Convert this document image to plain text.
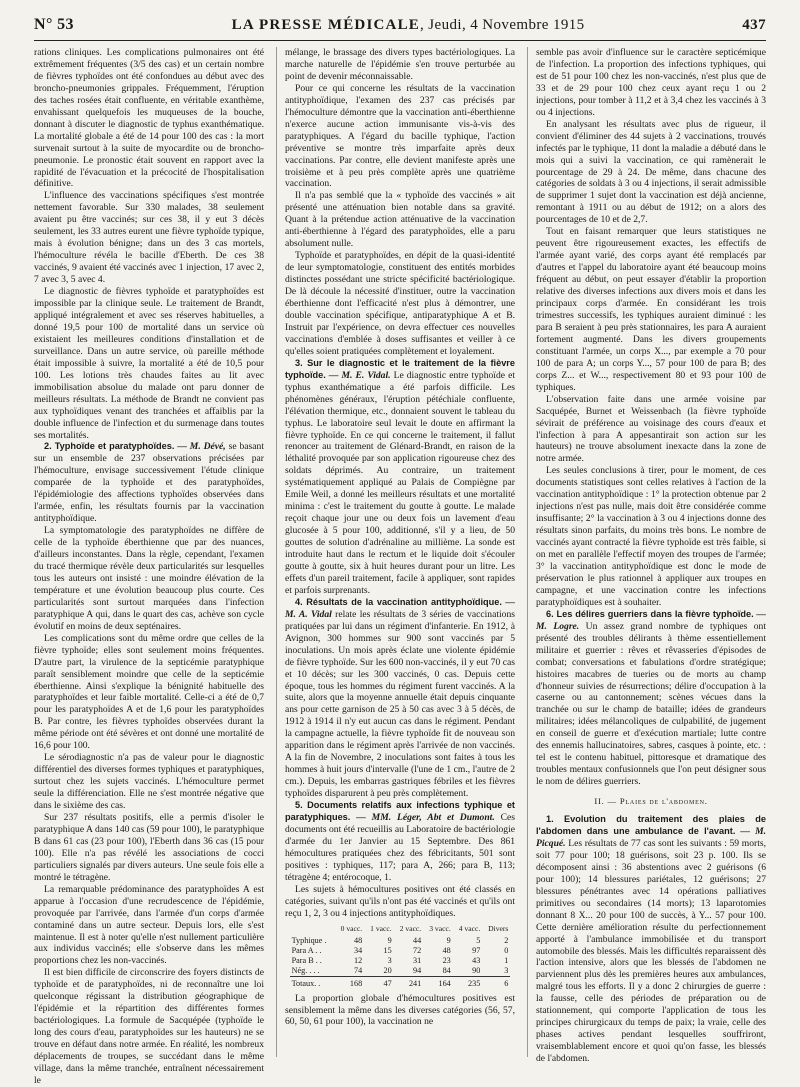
N° 53	LA PRESSE MÉDICALE, Jeudi, 4 Novembre 1915	437

rations cliniques. Les complications pulmonaires ont été extrêmement fréquentes (3/5 des cas) et un certain nombre de fièvres typhoïdes ont été confondues au début avec des broncho-pneumonies grippales. Fréquemment, l'éruption des taches rosées était confluente, en véritable exanthème, envahissant quelquefois les muqueuses de la bouche, donnant à discuter le diagnostic de typhus exanthématique. La mortalité globale a été de 14 pour 100 des cas : la mort survenait surtout à la suite de myocardite ou de broncho-pneumonie. Le pronostic était souvent en rapport avec la rapidité de l'évacuation et la précocité de l'hospitalisation définitive.

L'influence des vaccinations spécifiques s'est montrée nettement favorable. Sur 330 malades, 38 seulement avaient pu être vaccinés; sur ces 38, il y eut 3 décès seulement, les 33 autres eurent une fièvre typhoïde typique, mais à évolution bénigne; dans un des 3 cas mortels, l'hémoculture révéla le bacille d'Eberth. De ces 38 vaccinés, 9 avaient été vaccinés avec 1 injection, 17 avec 2, 7 avec 3, 5 avec 4.

Le diagnostic de fièvres typhoïde et paratyphoïdes est impossible par la clinique seule. Le traitement de Brandt, appliqué intégralement et avec ses réserves habituelles, a donné 19,5 pour 100 de mortalité dans un service où existaient les meilleures conditions d'installation et de surveillance. Dans un autre service, où pareille méthode était impossible à suivre, la mortalité a été de 10,5 pour 100. Les lotions très chaudes faites au lit avec immobilisation absolue du malade ont paru donner de meilleurs résultats. La méthode de Brandt ne convient pas aux typhoïdiques venant des tranchées et affaiblis par la double influence de l'infection et du surmenage dans toutes ses mortalités.

2. Typhoïde et paratyphoïdes. — M. Dévé, se basant sur un ensemble de 237 observations précisées par l'hémoculture, envisage successivement l'étude clinique comparée de la typhoïde et des paratyphoïdes, l'épidémiologie des affections typhoïdes observées dans l'armée, enfin, les résultats fournis par la vaccination antityphoïdique.

La symptomatologie des paratyphoïdes ne diffère de celle de la typhoïde éberthienne que par des nuances, d'ailleurs inconstantes. Dans la règle, cependant, l'examen du tracé thermique révèle deux particularités sur lesquelles tous les auteurs ont insisté : une moindre élévation de la température et une évolution beaucoup plus courte. Ces particularités sont surtout marquées dans l'infection paratyphique A qui, dans le quart des cas, achève son cycle évolutif en moins de deux septénaires.

Les complications sont du même ordre que celles de la fièvre typhoïde; elles sont seulement moins fréquentes. D'autre part, la virulence de la septicémie paratyphique paraît sensiblement moindre que celle de la septicémie éberthienne. Ainsi s'explique la bénignité habituelle des paratyphoïdes et leur faible mortalité. Celle-ci a été de 0,7 pour les paratyphoïdes A et de 1,6 pour les paratyphoïdes B. Par contre, les fièvres typhoïdes observées durant la même période ont été sévères et ont donné une mortalité de 16,6 pour 100.

Le sérodiagnostic n'a pas de valeur pour le diagnostic différentiel des diverses formes typhiques et paratyphiques, surtout chez les sujets vaccinés. L'hémoculture permet seule la différenciation. Elle ne s'est montrée négative que dans le sixième des cas.

Sur 237 résultats positifs, elle a permis d'isoler le paratyphique A dans 140 cas (59 pour 100), le paratyphique B dans 61 cas (23 pour 100), l'Eberth dans 36 cas (15 pour 100). Elle n'a pas révélé les associations de cocci particuliers signalés par divers auteurs. Une seule fois elle a montré le tétragène.

La remarquable prédominance des paratyphoïdes A est apparue à l'occasion d'une recrudescence de l'épidémie, provoquée par l'arrivée, dans l'armée d'un corps d'armée contaminé dans un autre secteur. Depuis lors, elle s'est maintenue. Il est à noter qu'elle n'est nullement particulière aux individus vaccinés; elle s'observe dans les mêmes proportions chez les non-vaccinés.

Il est bien difficile de circonscrire des foyers distincts de typhoïde et de paratyphoïdes, ni de reconnaître une loi quelconque régissant la distribution géographique de l'épidémie et la répartition des différentes formes bactériologiques. La formule de Sacquépée (typhoïde le long des cours d'eau, paratyphoïdes sur les hauteurs) ne se trouve en défaut dans notre armée. En réalité, les nombreux déplacements de troupes, se succédant dans le même village, dans la même tranchée, entraînent nécessairement le

mélange, le brassage des divers types bactériologiques. La marche naturelle de l'épidémie s'en trouve perturbée au point de devenir méconnaissable.

Pour ce qui concerne les résultats de la vaccination antityphoïdique, l'examen des 237 cas précisés par l'hémoculture démontre que la vaccination anti-éberthienne n'exerce aucune action immunisante vis-à-vis des paratyphiques. A l'égard du bacille typhique, l'action préventive se montre très imparfaite après deux vaccinations. Par contre, elle devient manifeste après une troisième et à peu près complète après une quatrième vaccination.

Il n'a pas semblé que la « typhoïde des vaccinés » ait présenté une atténuation bien notable dans sa gravité. Quant à la prétendue action atténuative de la vaccination anti-éberthienne à l'égard des paratyphoïdes, elle a paru absolument nulle.

Typhoïde et paratyphoïdes, en dépit de la quasi-identité de leur symptomatologie, constituent des entités morbides distinctes possédant une stricte spécificité bactériologique. De là découle la nécessité d'instituer, outre la vaccination éberthienne dont l'efficacité n'est plus à démontrer, une double vaccination spécifique, antiparatyphique A et B. Instruit par l'expérience, on devra effectuer ces nouvelles vaccinations d'emblée à doses suffisantes et veiller à ce qu'elles soient pratiquées complètement et loyalement.

3. Sur le diagnostic et le traitement de la fièvre typhoïde. — M. E. Vidal. Le diagnostic entre typhoïde et typhus exanthématique a été parfois difficile. Les phénomènes généraux, l'éruption pétéchiale confluente, l'élévation thermique, etc., donnaient souvent le tableau du typhus. Le laboratoire seul levait le doute en affirmant la fièvre typhoïde. En ce qui concerne le traitement, il fallut renoncer au traitement de Glénard-Brandt, en raison de la léthalité provoquée par son application rigoureuse chez des soldats déprimés. Au contraire, un traitement systématiquement appliqué au Palais de Compiègne par Emile Weil, a donné les meilleurs résultats et une mortalité minima : c'est le traitement du goutte à goutte. Le malade reçoit chaque jour une ou deux fois un lavement d'eau glucosée à 5 pour 100, additionné, s'il y a lieu, de 50 gouttes de solution d'adrénaline au millième. La sonde est introduite haut dans le rectum et le liquide doit s'écouler goutte à goutte, six à huit heures durant pour un litre. Les effets d'un pareil traitement, facile à appliquer, sont rapides et parfois surprenants.

4. Résultats de la vaccination antityphoïdique. — M. A. Vidal relate les résultats de 3 séries de vaccinations pratiquées par lui dans un régiment d'infanterie. En 1912, à Avignon, 300 hommes sur 900 sont vaccinés par 5 inoculations. Un mois après éclate une violente épidémie de fièvre typhoïde. Sur les 600 non-vaccinés, il y eut 70 cas et 10 décès; sur les 300 vaccinés, 0 cas. Depuis cette époque, tous les hommes du régiment furent vaccinés. A la suite, alors que la moyenne annuelle était depuis cinquante ans pour cette garnison de 25 à 50 cas avec 3 à 5 décès, de 1912 à 1914 il n'y eut aucun cas dans le régiment. Pendant la campagne actuelle, la fièvre typhoïde fit de nouveau son apparition dans le régiment après l'arrivée de non vaccinés. A la fin de Novembre, 2 inoculations sont faites à tous les hommes à huit jours d'intervalle (l'une de 1 cm., l'autre de 2 cm.). Depuis, les embarras gastriques fébriles et les fièvres typhoïdes disparurent à peu près complètement.

5. Documents relatifs aux infections typhique et paratyphiques. — MM. Léger, Abt et Dumont. Ces documents ont été recueillis au Laboratoire de bactériologie d'armée du 1er Janvier au 15 Septembre. Des 861 hémocultures pratiquées chez des fébricitants, 501 sont positives : typhiques, 117; para A, 266; para B, 113; tétragène 4; entérocoque, 1.

Les sujets à hémocultures positives ont été classés en catégories, suivant qu'ils n'ont pas été vaccinés et qu'ils ont reçu 1, 2, 3 ou 4 injections antityphoïdiques.

	0 vacc.	1 vacc.	2 vacc.	3 vacc.	4 vacc.	Divers
Typhique .	48	9	44	9	5	2
Para A . .	34	15	72	48	97	0
Para B . .	12	3	31	23	43	1
Nég. . . .	74	20	94	84	90	3
Totaux. .	168	47	241	164	235	6

La proportion globale d'hémocultures positives est sensiblement la même dans les diverses catégories (56, 57, 60, 50, 61 pour 100), la vaccination ne

semble pas avoir d'influence sur le caractère septicémique de l'infection. La proportion des infections typhiques, qui est de 51 pour 100 chez les non-vaccinés, n'est plus que de 33 et de 29 pour 100 chez ceux ayant reçu 1 ou 2 injections, pour tomber à 11,2 et à 3,4 chez les vaccinés à 3 ou 4 injections.

En analysant les résultats avec plus de rigueur, il convient d'éliminer des 44 sujets à 2 vaccinations, trouvés infectés par le typhique, 11 dont la maladie a débuté dans le mois qui a suivi la vaccination, ce qui ramènerait le pourcentage de 29 à 24. De même, dans chacune des catégories de soldats à 3 ou 4 injections, il serait admissible de supprimer 1 sujet dont la vaccination est déjà ancienne, remontant à 1911 ou au début de 1912; on a alors des pourcentages de 10 et de 2,7.

Tout en faisant remarquer que leurs statistiques ne peuvent être rigoureusement exactes, les effectifs de l'armée ayant varié, des corps ayant été remplacés par d'autres et l'appel du laboratoire ayant été beaucoup moins fréquent au début, on peut essayer d'établir la proportion relative des diverses infections aux divers mois et dans les principaux corps d'armée. En considérant les trois trimestres successifs, les typhiques auraient diminué : les para B seraient à peu près stationnaires, les para A auraient fortement augmenté. Dans les divers groupements constituant l'armée, un corps X..., par exemple a 70 pour 100 de para A; un corps Y..., 57 pour 100 de para B; des corps Z... et W..., respectivement 80 et 93 pour 100 de typhiques.

L'observation faite dans une armée voisine par Sacquépée, Burnet et Weissenbach (la fièvre typhoïde sévirait de préférence au voisinage des cours d'eaux et l'infection à para A appesantirait son action sur les hauteurs) ne trouve absolument inexacte dans la zone de notre armée.

Les seules conclusions à tirer, pour le moment, de ces documents statistiques sont celles relatives à l'action de la vaccination antityphoïdique : 1° la protection obtenue par 2 injections n'est pas nulle, mais doit être considérée comme insuffisante; 2° la vaccination à 3 ou 4 injections donne des résultats sinon parfaits, du moins très bons. Le nombre de vaccinés ayant contracté la fièvre typhoïde est très faible, si on met en parallèle l'effectif moyen des troupes de l'armée; 3° la vaccination antityphoïdique est donc le mode de préservation le plus rationnel à appliquer aux troupes en campagne, et une vaccination contre les infections paratyphoïdiques est à souhaiter.

6. Les délires guerriers dans la fièvre typhoïde. — M. Logre. Un assez grand nombre de typhiques ont présenté des troubles délirants à thème essentiellement militaire et guerrier : rêves et rêvasseries d'épisodes de combat; conversations et fabulations d'ordre stratégique; histoires macabres de tueries ou de morts au champ d'honneur suivies de résurrections; délire d'occupation à la caserne ou au cantonnement; scènes vécues dans la tranchée ou sur le champ de bataille; idées de grandeurs militaires; idées mélancoliques de culpabilité, de jugement en conseil de guerre et d'exécution martiale; lutte contre des ennemis hallucinatoires, sabres, casques à pointe, etc. : tel est le contenu habituel, pittoresque et dramatique des troubles mentaux confusionnels que l'on peut désigner sous le nom de délires guerriers.

II. — Plaies de l'abdomen.

1. Evolution du traitement des plaies de l'abdomen dans une ambulance de l'avant. — M. Picqué. Les résultats de 77 cas sont les suivants : 59 morts, soit 77 pour 100; 18 guérisons, soit 23 p. 100. Ils se décomposent ainsi : 36 abstentions avec 2 guérisons (6 pour 100); 14 blessures pariétales, 12 guérisons; 27 blessures pénétrantes avec 14 opérations palliatives primitives ou secondaires (14 morts); 13 laparotomies donnant 8 X... 20 pour 100 de succès, à Y... 57 pour 100. Cette dernière amélioration résulte du perfectionnement apporté à l'ambulance immobilisée et du transport automobile des blessés. Mais les difficultés reparaissent dès l'action intensive, alors que les blessés de l'abdomen ne parviennent plus dès les premières heures aux ambulances, malgré tous les efforts. Il y a donc 2 chirurgies de guerre : la fausse, celle des périodes de préparation ou de stationnement, qui comporte l'application de tous les principes chirurgicaux du temps de paix; la vraie, celle des phases actives pendant lesquelles souffriront, vraisemblablement encore et quoi qu'on fasse, les blessés de l'abdomen.
